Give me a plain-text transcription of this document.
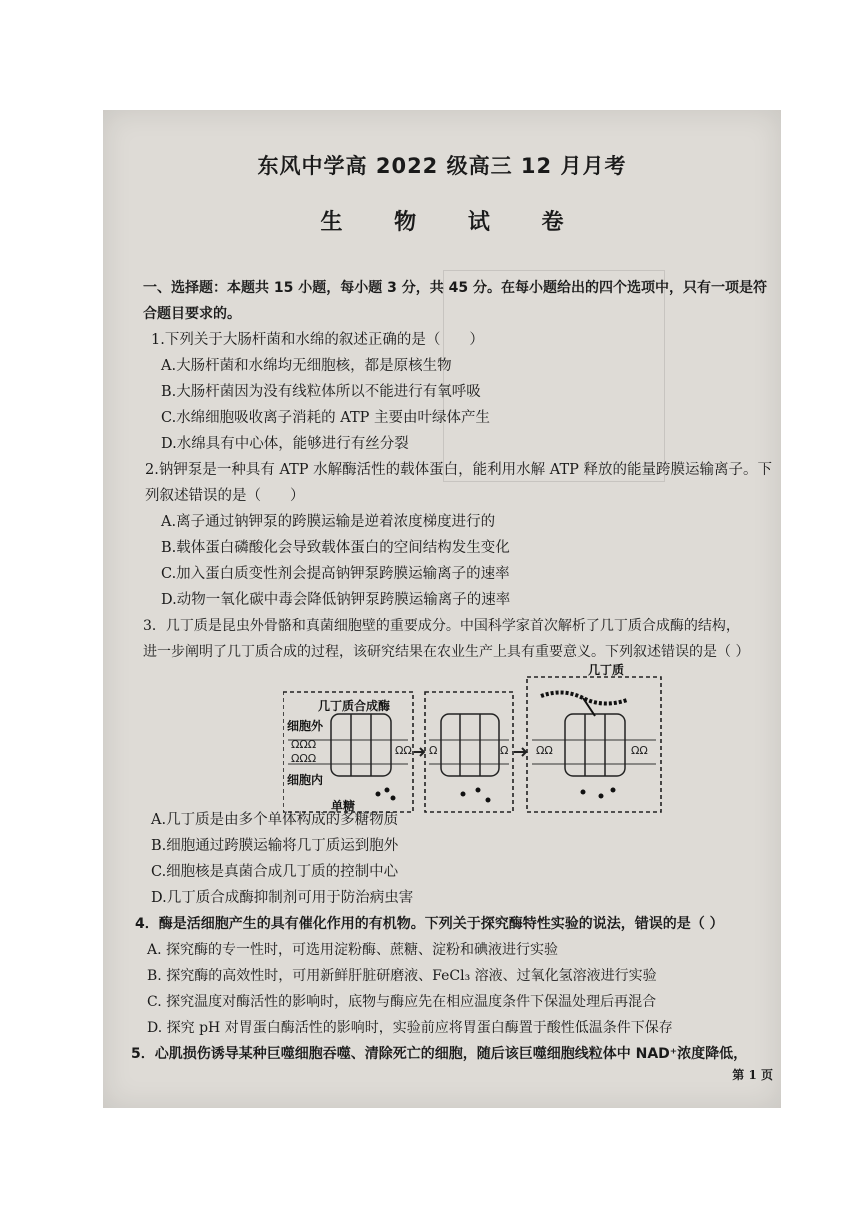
东风中学高 2022 级高三 12 月月考
生 物 试 卷
一、选择题：本题共 15 小题，每小题 3 分，共 45 分。在每小题给出的四个选项中，只有一项是符
合题目要求的。
1.下列关于大肠杆菌和水绵的叙述正确的是（　　）
A.大肠杆菌和水绵均无细胞核，都是原核生物
B.大肠杆菌因为没有线粒体所以不能进行有氧呼吸
C.水绵细胞吸收离子消耗的 ATP 主要由叶绿体产生
D.水绵具有中心体，能够进行有丝分裂
2.钠钾泵是一种具有 ATP 水解酶活性的载体蛋白，能利用水解 ATP 释放的能量跨膜运输离子。下
列叙述错误的是（　　）
A.离子通过钠钾泵的跨膜运输是逆着浓度梯度进行的
B.载体蛋白磷酸化会导致载体蛋白的空间结构发生变化
C.加入蛋白质变性剂会提高钠钾泵跨膜运输离子的速率
D.动物一氧化碳中毒会降低钠钾泵跨膜运输离子的速率
3．几丁质是昆虫外骨骼和真菌细胞壁的重要成分。中国科学家首次解析了几丁质合成酶的结构，
进一步阐明了几丁质合成的过程，该研究结果在农业生产上具有重要意义。下列叙述错误的是（ ）
ΩΩΩ
ΩΩΩ
ΩΩ Ω	Ω	ΩΩ	ΩΩ
几丁质
几丁质合成酶
细胞外
细胞内
单糖
A.几丁质是由多个单体构成的多糖物质
B.细胞通过跨膜运输将几丁质运到胞外
C.细胞核是真菌合成几丁质的控制中心
D.几丁质合成酶抑制剂可用于防治病虫害
4．酶是活细胞产生的具有催化作用的有机物。下列关于探究酶特性实验的说法，错误的是（ ）
A. 探究酶的专一性时，可选用淀粉酶、蔗糖、淀粉和碘液进行实验
B. 探究酶的高效性时，可用新鲜肝脏研磨液、FeCl₃ 溶液、过氧化氢溶液进行实验
C. 探究温度对酶活性的影响时，底物与酶应先在相应温度条件下保温处理后再混合
D. 探究 pH 对胃蛋白酶活性的影响时，实验前应将胃蛋白酶置于酸性低温条件下保存
5．心肌损伤诱导某种巨噬细胞吞噬、清除死亡的细胞，随后该巨噬细胞线粒体中 NAD⁺浓度降低，
第 1 页
